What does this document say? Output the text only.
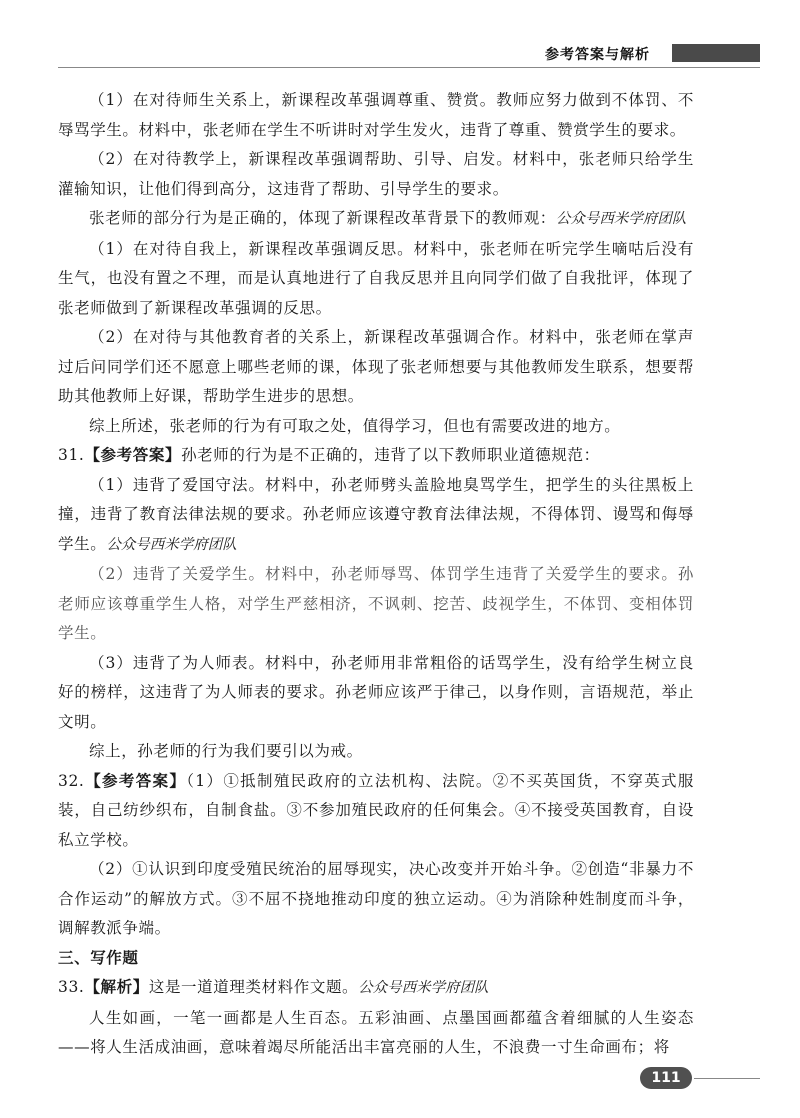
参考答案与解析

（1）在对待师生关系上，新课程改革强调尊重、赞赏。教师应努力做到不体罚、不辱骂学生。材料中，张老师在学生不听讲时对学生发火，违背了尊重、赞赏学生的要求。

（2）在对待教学上，新课程改革强调帮助、引导、启发。材料中，张老师只给学生灌输知识，让他们得到高分，这违背了帮助、引导学生的要求。

张老师的部分行为是正确的，体现了新课程改革背景下的教师观：公众号西米学府团队

（1）在对待自我上，新课程改革强调反思。材料中，张老师在听完学生嘀咕后没有生气，也没有置之不理，而是认真地进行了自我反思并且向同学们做了自我批评，体现了张老师做到了新课程改革强调的反思。

（2）在对待与其他教育者的关系上，新课程改革强调合作。材料中，张老师在掌声过后问同学们还不愿意上哪些老师的课，体现了张老师想要与其他教师发生联系，想要帮助其他教师上好课，帮助学生进步的思想。

综上所述，张老师的行为有可取之处，值得学习，但也有需要改进的地方。

31.【参考答案】孙老师的行为是不正确的，违背了以下教师职业道德规范：

（1）违背了爱国守法。材料中，孙老师劈头盖脸地臭骂学生，把学生的头往黑板上撞，违背了教育法律法规的要求。孙老师应该遵守教育法律法规，不得体罚、谩骂和侮辱学生。公众号西米学府团队

（2）违背了关爱学生。材料中，孙老师辱骂、体罚学生违背了关爱学生的要求。孙老师应该尊重学生人格，对学生严慈相济，不讽刺、挖苦、歧视学生，不体罚、变相体罚学生。

（3）违背了为人师表。材料中，孙老师用非常粗俗的话骂学生，没有给学生树立良好的榜样，这违背了为人师表的要求。孙老师应该严于律己，以身作则，言语规范，举止文明。

综上，孙老师的行为我们要引以为戒。

32.【参考答案】（1）①抵制殖民政府的立法机构、法院。②不买英国货，不穿英式服装，自己纺纱织布，自制食盐。③不参加殖民政府的任何集会。④不接受英国教育，自设私立学校。

（2）①认识到印度受殖民统治的屈辱现实，决心改变并开始斗争。②创造“非暴力不合作运动”的解放方式。③不屈不挠地推动印度的独立运动。④为消除种姓制度而斗争，调解教派争端。

三、写作题

33.【解析】这是一道道理类材料作文题。公众号西米学府团队

人生如画，一笔一画都是人生百态。五彩油画、点墨国画都蕴含着细腻的人生姿态——将人生活成油画，意味着竭尽所能活出丰富亮丽的人生，不浪费一寸生命画布；将

111
